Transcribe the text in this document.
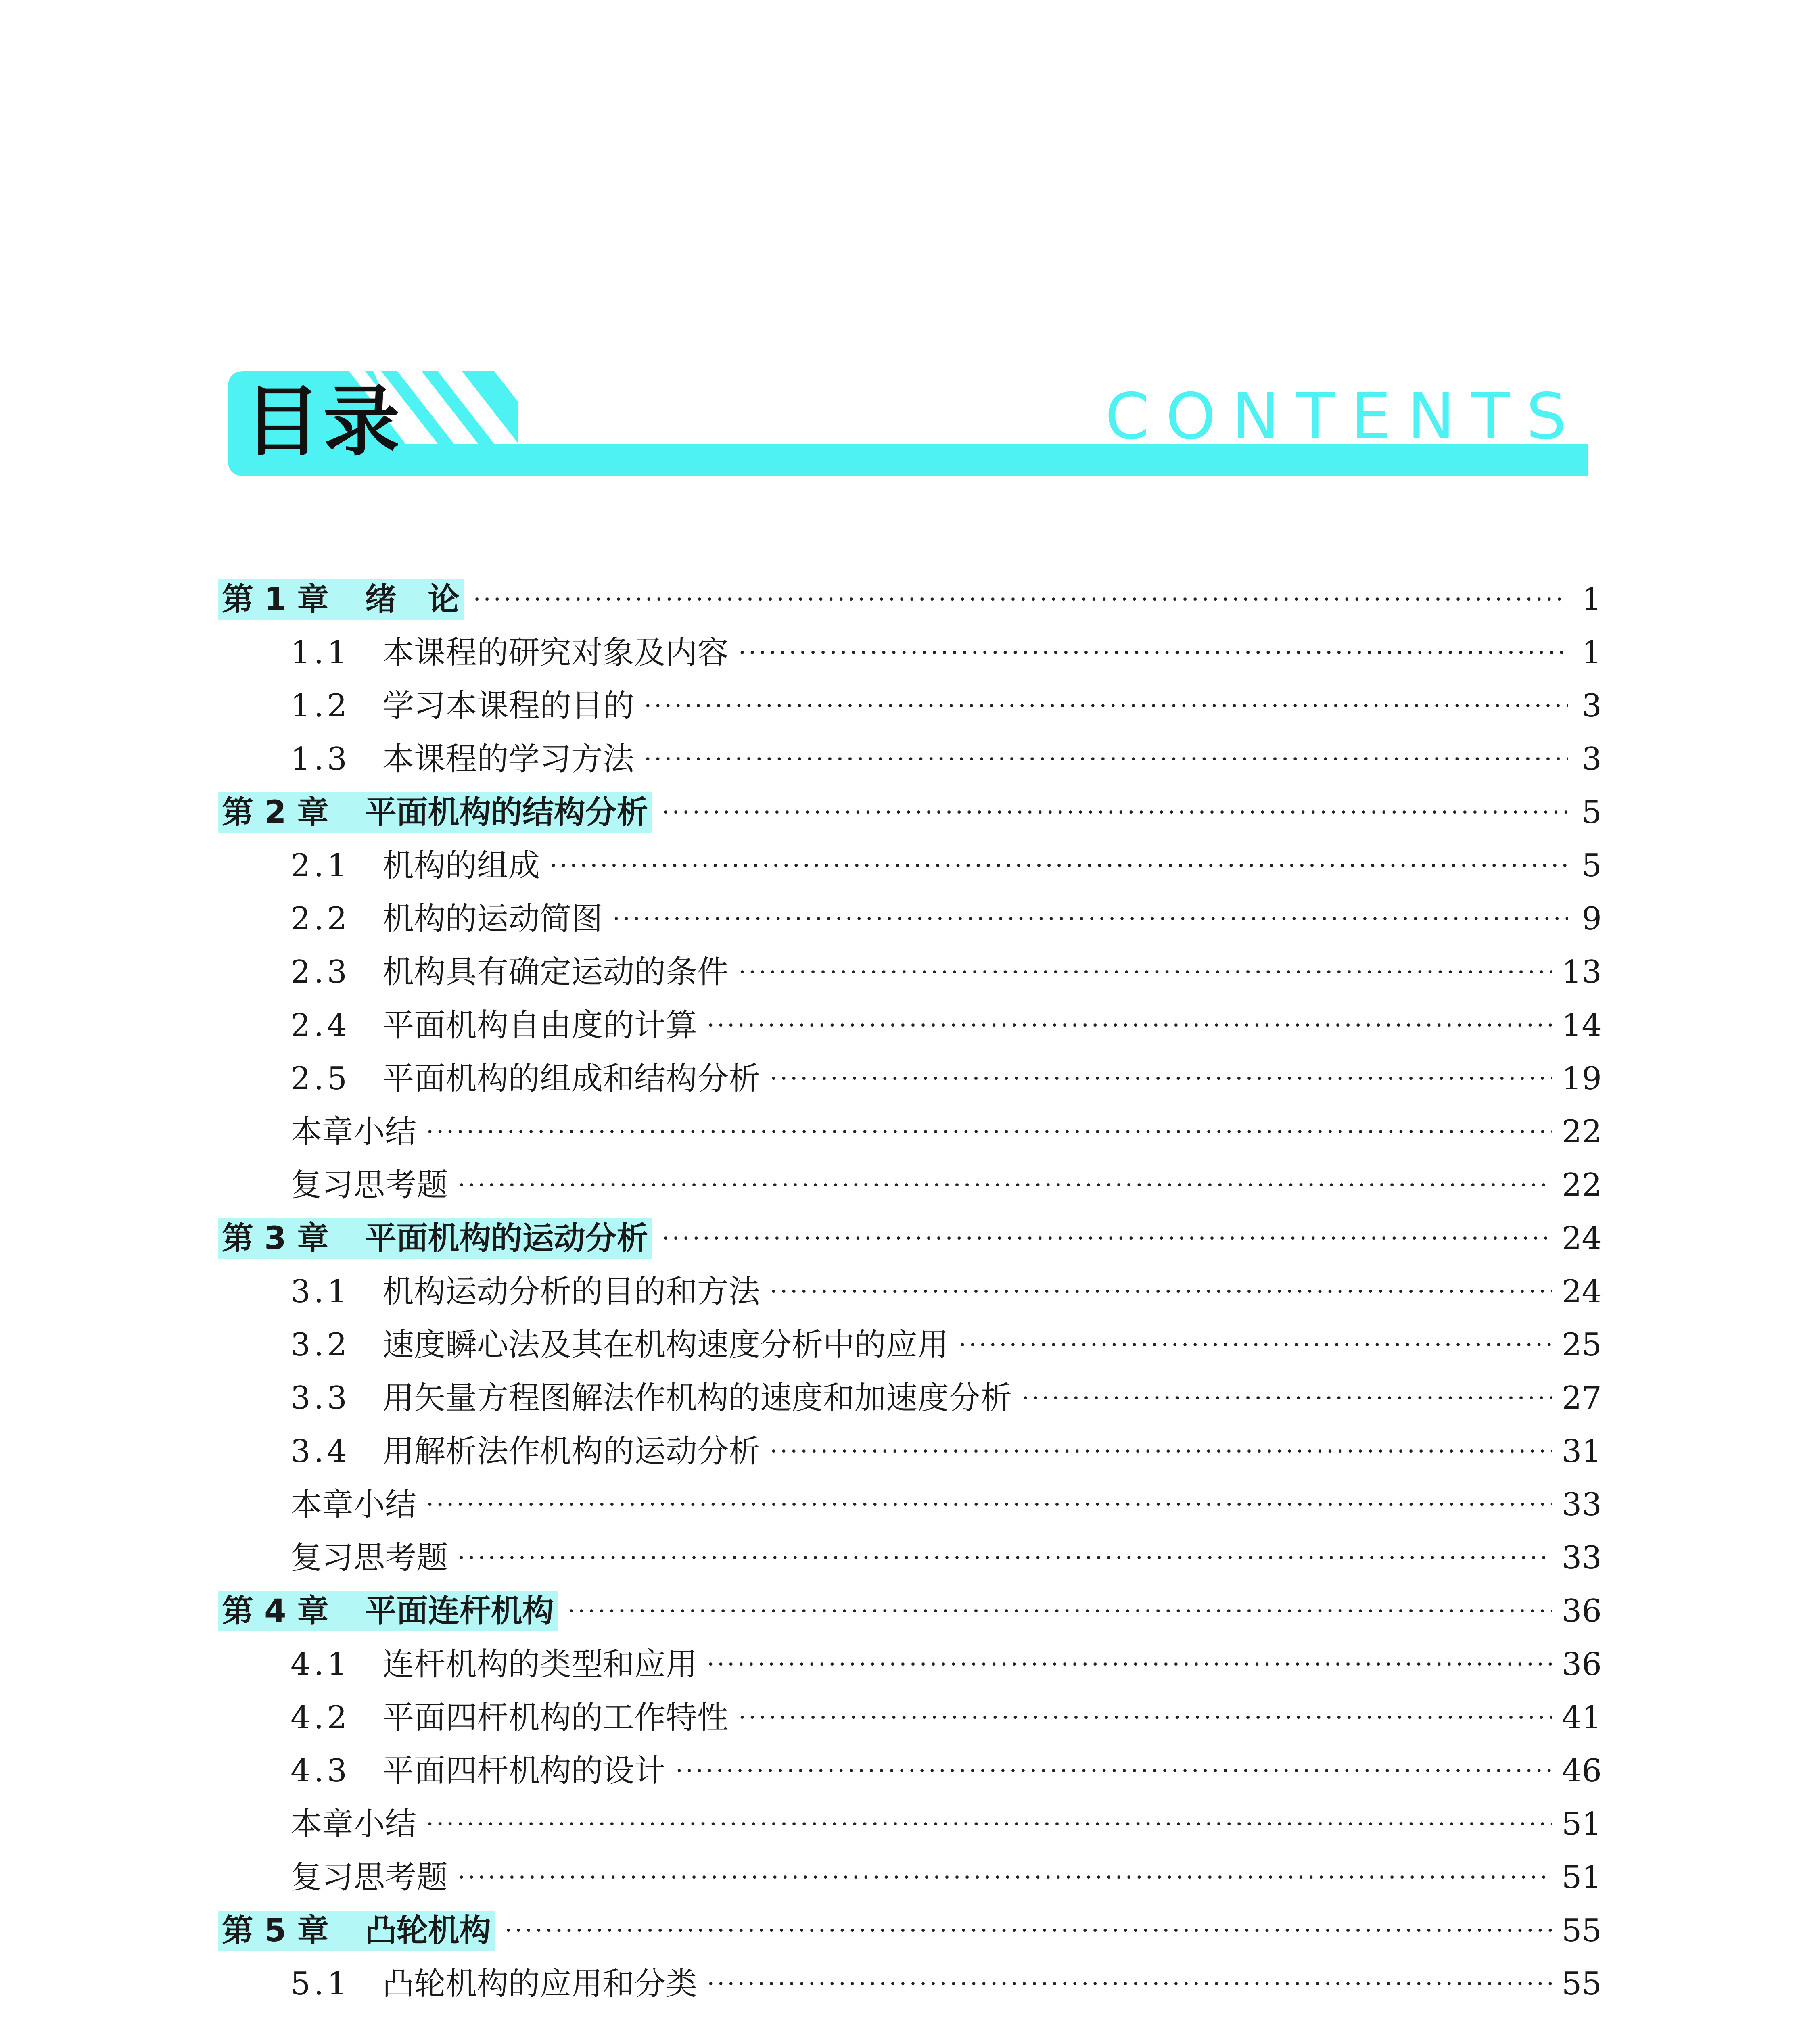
目录	CONTENTS
第 1 章 绪　论 ·····	1
1.1 本课程的研究对象及内容 ·····	1
1.2 学习本课程的目的 ·····	3
1.3 本课程的学习方法 ·····	3
第 2 章 平面机构的结构分析 ·····	5
2.1 机构的组成 ·····	5
2.2 机构的运动简图 ·····	9
2.3 机构具有确定运动的条件 ·····	13
2.4 平面机构自由度的计算 ·····	14
2.5 平面机构的组成和结构分析 ·····	19
本章小结 ·····	22
复习思考题 ·····	22
第 3 章 平面机构的运动分析 ·····	24
3.1 机构运动分析的目的和方法 ·····	24
3.2 速度瞬心法及其在机构速度分析中的应用 ·····	25
3.3 用矢量方程图解法作机构的速度和加速度分析 ·····	27
3.4 用解析法作机构的运动分析 ·····	31
本章小结 ·····	33
复习思考题 ·····	33
第 4 章 平面连杆机构 ·····	36
4.1 连杆机构的类型和应用 ·····	36
4.2 平面四杆机构的工作特性 ·····	41
4.3 平面四杆机构的设计 ·····	46
本章小结 ·····	51
复习思考题 ·····	51
第 5 章 凸轮机构 ·····	55
5.1 凸轮机构的应用和分类 ·····	55
·····
